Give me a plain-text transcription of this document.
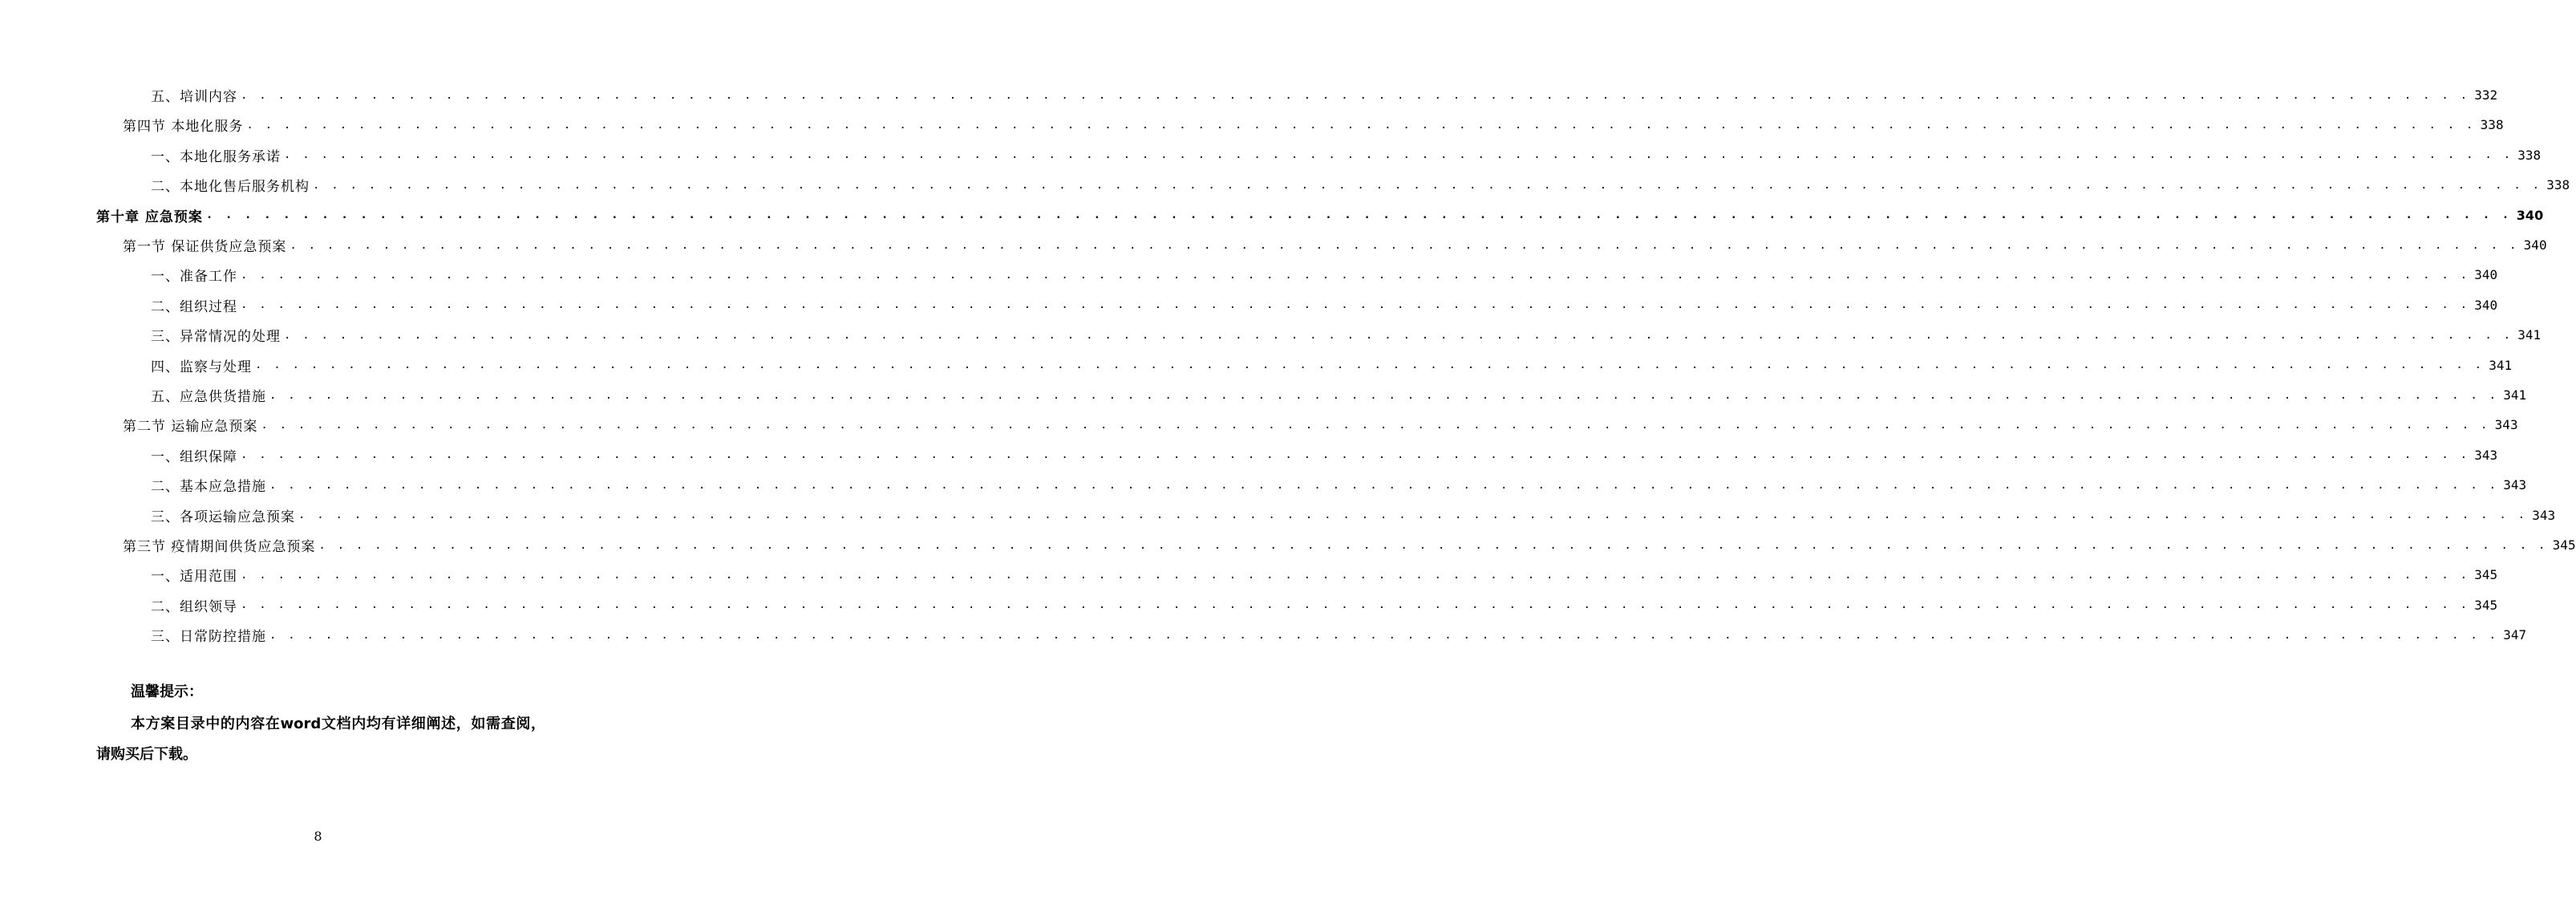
五、培训内容 . . . . . . . . . . . . . . . . . . . . . . . . . . . . . . . . . . . . . . . . . . . . . . . . . . . . . . . . . . . . . . . . . . . . . . . . . . . . . . . . . . . . . . . . . . . . . . . . . . . . . . . . . . . . . . . . . . . . . . . . 332
第四节 本地化服务 . . . . . . . . . . . . . . . . . . . . . . . . . . . . . . . . . . . . . . . . . . . . . . . . . . . . . . . . . . . . . . . . . . . . . . . . . . . . . . . . . . . . . . . . . . . . . . . . . . . . . . . . . . . . . . . . . . . . . . . . 338
一、本地化服务承诺 . . . . . . . . . . . . . . . . . . . . . . . . . . . . . . . . . . . . . . . . . . . . . . . . . . . . . . . . . . . . . . . . . . . . . . . . . . . . . . . . . . . . . . . . . . . . . . . . . . . . . . . . . . . . . . . . . . . . . . . . 338
二、本地化售后服务机构 . . . . . . . . . . . . . . . . . . . . . . . . . . . . . . . . . . . . . . . . . . . . . . . . . . . . . . . . . . . . . . . . . . . . . . . . . . . . . . . . . . . . . . . . . . . . . . . . . . . . . . . . . . . . . . . . . . . . . . . . 338
第十章 应急预案 . . . . . . . . . . . . . . . . . . . . . . . . . . . . . . . . . . . . . . . . . . . . . . . . . . . . . . . . . . . . . . . . . . . . . . . . . . . . . . . . . . . . . . . . . . . . . . . . . . . . . . . . . . . . . . . . . . . . . . . . 340
第一节 保证供货应急预案 . . . . . . . . . . . . . . . . . . . . . . . . . . . . . . . . . . . . . . . . . . . . . . . . . . . . . . . . . . . . . . . . . . . . . . . . . . . . . . . . . . . . . . . . . . . . . . . . . . . . . . . . . . . . . . . . . . . . . . . . 340
一、准备工作 . . . . . . . . . . . . . . . . . . . . . . . . . . . . . . . . . . . . . . . . . . . . . . . . . . . . . . . . . . . . . . . . . . . . . . . . . . . . . . . . . . . . . . . . . . . . . . . . . . . . . . . . . . . . . . . . . . . . . . . . 340
二、组织过程 . . . . . . . . . . . . . . . . . . . . . . . . . . . . . . . . . . . . . . . . . . . . . . . . . . . . . . . . . . . . . . . . . . . . . . . . . . . . . . . . . . . . . . . . . . . . . . . . . . . . . . . . . . . . . . . . . . . . . . . . 340
三、异常情况的处理 . . . . . . . . . . . . . . . . . . . . . . . . . . . . . . . . . . . . . . . . . . . . . . . . . . . . . . . . . . . . . . . . . . . . . . . . . . . . . . . . . . . . . . . . . . . . . . . . . . . . . . . . . . . . . . . . . . . . . . . . 341
四、监察与处理 . . . . . . . . . . . . . . . . . . . . . . . . . . . . . . . . . . . . . . . . . . . . . . . . . . . . . . . . . . . . . . . . . . . . . . . . . . . . . . . . . . . . . . . . . . . . . . . . . . . . . . . . . . . . . . . . . . . . . . . . 341
五、应急供货措施 . . . . . . . . . . . . . . . . . . . . . . . . . . . . . . . . . . . . . . . . . . . . . . . . . . . . . . . . . . . . . . . . . . . . . . . . . . . . . . . . . . . . . . . . . . . . . . . . . . . . . . . . . . . . . . . . . . . . . . . . 341
第二节 运输应急预案 . . . . . . . . . . . . . . . . . . . . . . . . . . . . . . . . . . . . . . . . . . . . . . . . . . . . . . . . . . . . . . . . . . . . . . . . . . . . . . . . . . . . . . . . . . . . . . . . . . . . . . . . . . . . . . . . . . . . . . . . 343
一、组织保障 . . . . . . . . . . . . . . . . . . . . . . . . . . . . . . . . . . . . . . . . . . . . . . . . . . . . . . . . . . . . . . . . . . . . . . . . . . . . . . . . . . . . . . . . . . . . . . . . . . . . . . . . . . . . . . . . . . . . . . . . 343
二、基本应急措施 . . . . . . . . . . . . . . . . . . . . . . . . . . . . . . . . . . . . . . . . . . . . . . . . . . . . . . . . . . . . . . . . . . . . . . . . . . . . . . . . . . . . . . . . . . . . . . . . . . . . . . . . . . . . . . . . . . . . . . . . 343
三、各项运输应急预案 . . . . . . . . . . . . . . . . . . . . . . . . . . . . . . . . . . . . . . . . . . . . . . . . . . . . . . . . . . . . . . . . . . . . . . . . . . . . . . . . . . . . . . . . . . . . . . . . . . . . . . . . . . . . . . . . . . . . . . . . 343
第三节 疫情期间供货应急预案 . . . . . . . . . . . . . . . . . . . . . . . . . . . . . . . . . . . . . . . . . . . . . . . . . . . . . . . . . . . . . . . . . . . . . . . . . . . . . . . . . . . . . . . . . . . . . . . . . . . . . . . . . . . . . . . . . . . . . . . . 345
一、适用范围 . . . . . . . . . . . . . . . . . . . . . . . . . . . . . . . . . . . . . . . . . . . . . . . . . . . . . . . . . . . . . . . . . . . . . . . . . . . . . . . . . . . . . . . . . . . . . . . . . . . . . . . . . . . . . . . . . . . . . . . . 345
二、组织领导 . . . . . . . . . . . . . . . . . . . . . . . . . . . . . . . . . . . . . . . . . . . . . . . . . . . . . . . . . . . . . . . . . . . . . . . . . . . . . . . . . . . . . . . . . . . . . . . . . . . . . . . . . . . . . . . . . . . . . . . . 345
三、日常防控措施 . . . . . . . . . . . . . . . . . . . . . . . . . . . . . . . . . . . . . . . . . . . . . . . . . . . . . . . . . . . . . . . . . . . . . . . . . . . . . . . . . . . . . . . . . . . . . . . . . . . . . . . . . . . . . . . . . . . . . . . . 347
温馨提示：
本方案目录中的内容在word文档内均有详细阐述，如需查阅，请购买后下载。
8
